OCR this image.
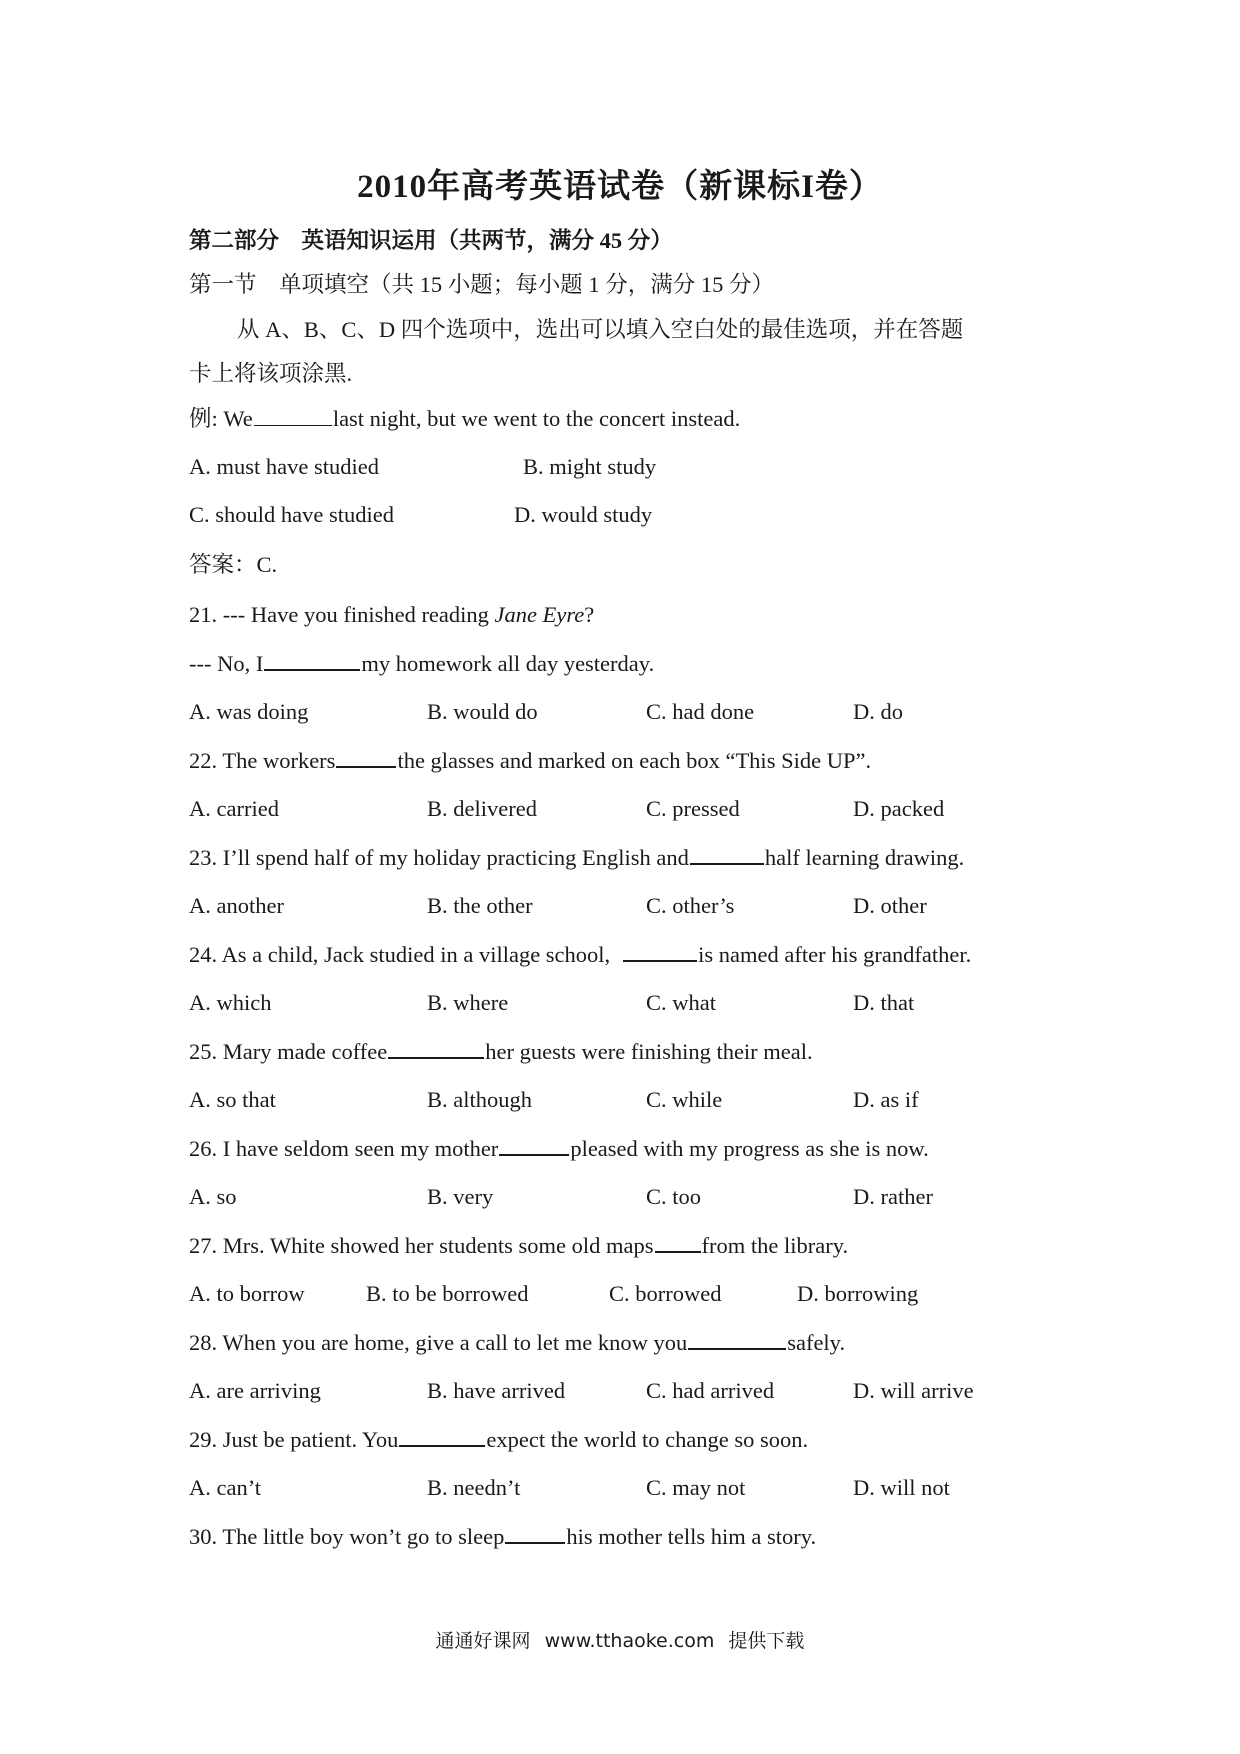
2010年高考英语试卷（新课标I卷）
第二部分　英语知识运用（共两节，满分 45 分）
第一节　单项填空（共 15 小题；每小题 1 分，满分 15 分）
从 A、B、C、D 四个选项中，选出可以填入空白处的最佳选项，并在答题
卡上将该项涂黑.
例: We	last night, but we went to the concert instead.
A. must have studied	B. might study
C. should have studied	D. would study
答案：C.
21. --- Have you finished reading Jane Eyre?
--- No, I	my homework all day yesterday.
A. was doing	B. would do	C. had done	D. do
22. The workers	the glasses and marked on each box “This Side UP”.
A. carried	B. delivered	C. pressed	D. packed
23. I’ll spend half of my holiday practicing English and	half learning drawing.
A. another	B. the other	C. other’s	D. other
24. As a child, Jack studied in a village school,	is named after his grandfather.
A. which	B. where	C. what	D. that
25. Mary made coffee	her guests were finishing their meal.
A. so that	B. although	C. while	D. as if
26. I have seldom seen my mother	pleased with my progress as she is now.
A. so	B. very	C. too	D. rather
27. Mrs. White showed her students some old maps from the library.
A. to borrow	B. to be borrowed	C. borrowed	D. borrowing
28. When you are home, give a call to let me know you	safely.
A. are arriving	B. have arrived	C. had arrived	D. will arrive
29. Just be patient. You	expect the world to change so soon.
A. can’t	B. needn’t	C. may not	D. will not
30. The little boy won’t go to sleep	his mother tells him a story.
通通好课网 www.tthaoke.com 提供下载
